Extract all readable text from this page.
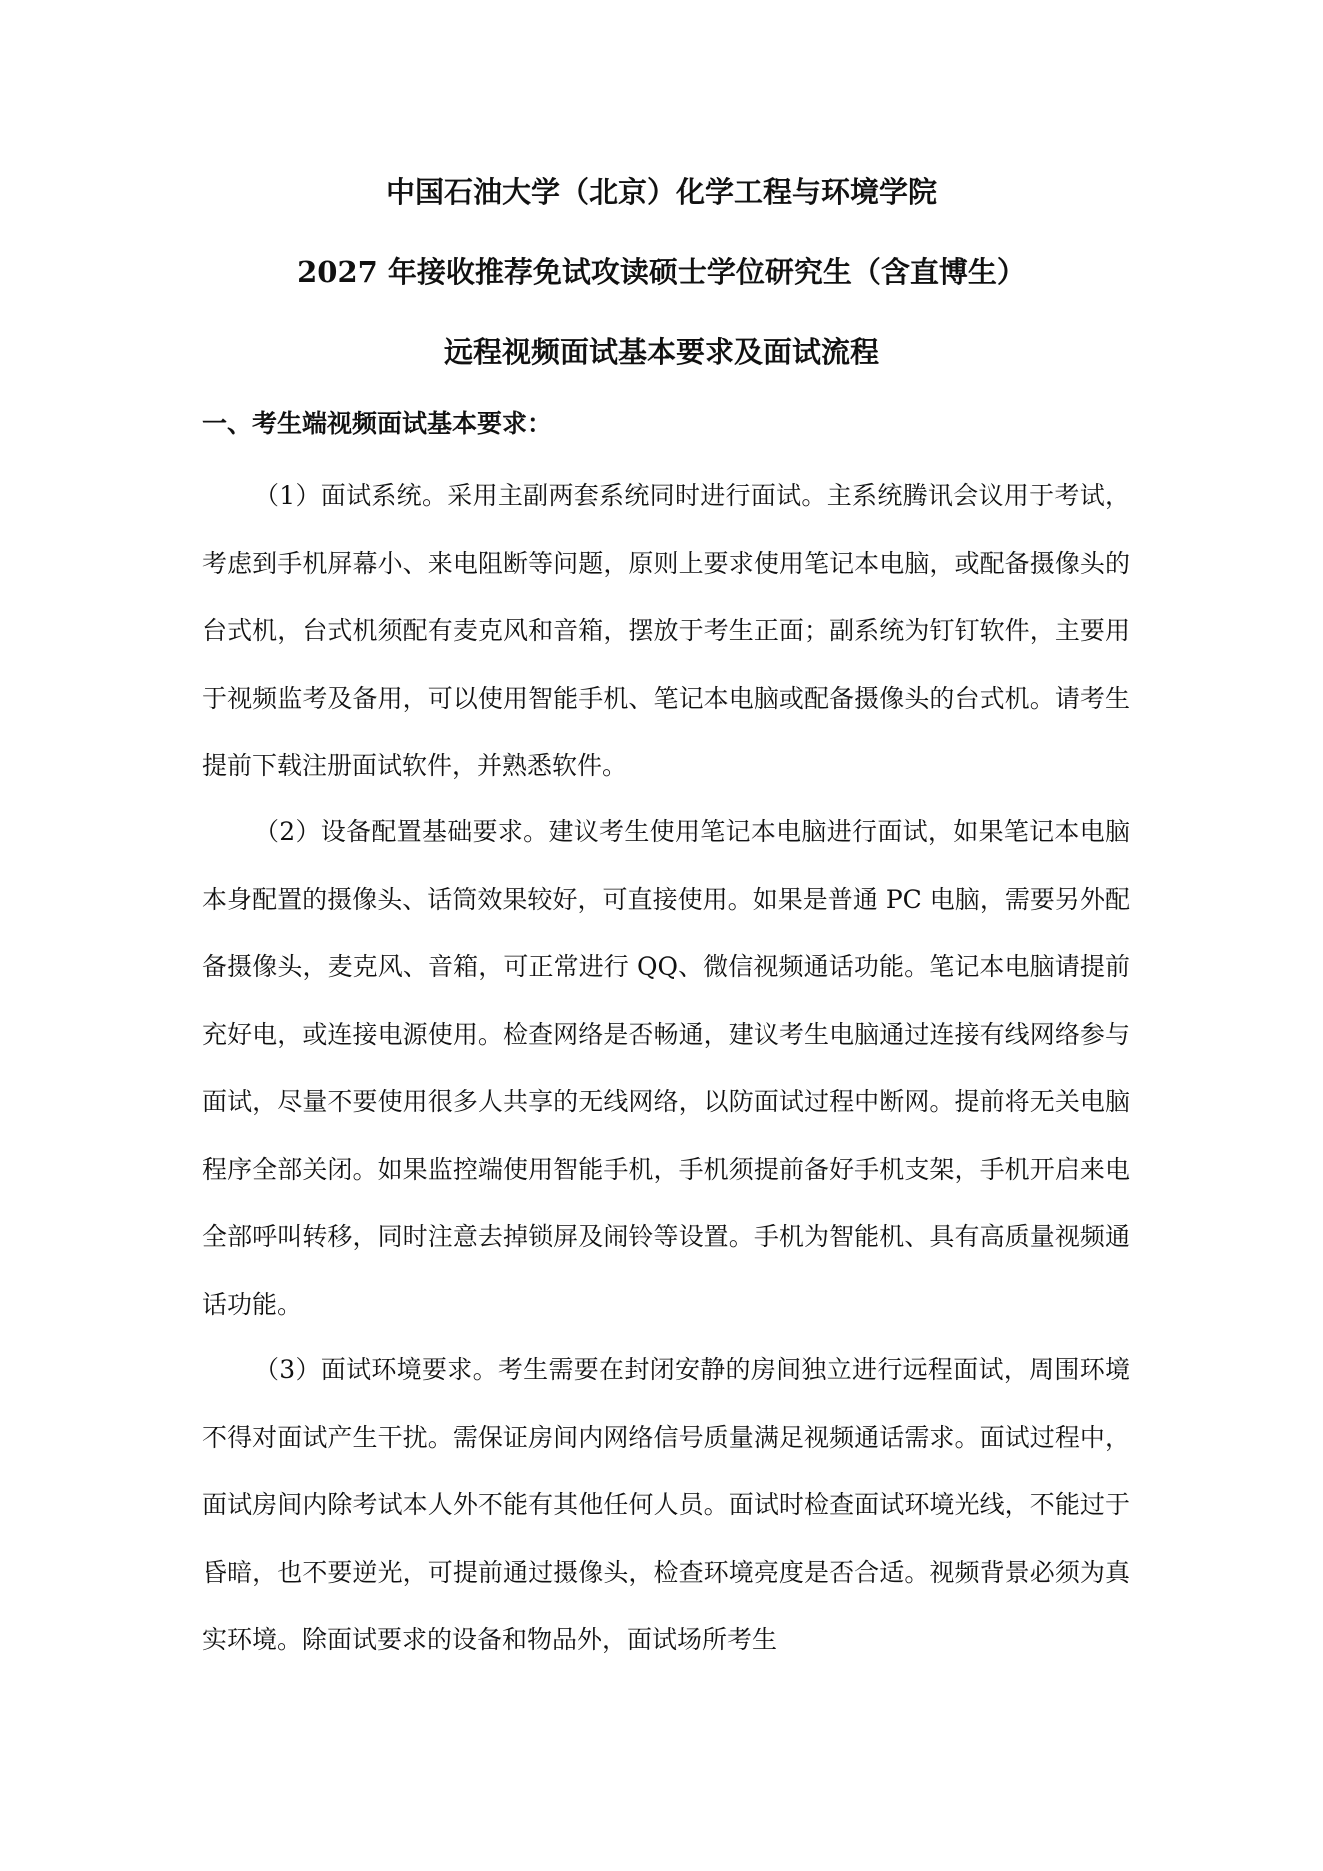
中国石油大学（北京）化学工程与环境学院
2027 年接收推荐免试攻读硕士学位研究生（含直博生）
远程视频面试基本要求及面试流程
一、考生端视频面试基本要求：
（1）面试系统。采用主副两套系统同时进行面试。主系统腾讯会议用于考试，考虑到手机屏幕小、来电阻断等问题，原则上要求使用笔记本电脑，或配备摄像头的台式机，台式机须配有麦克风和音箱，摆放于考生正面；副系统为钉钉软件，主要用于视频监考及备用，可以使用智能手机、笔记本电脑或配备摄像头的台式机。请考生提前下载注册面试软件，并熟悉软件。
（2）设备配置基础要求。建议考生使用笔记本电脑进行面试，如果笔记本电脑本身配置的摄像头、话筒效果较好，可直接使用。如果是普通 PC 电脑，需要另外配备摄像头，麦克风、音箱，可正常进行 QQ、微信视频通话功能。笔记本电脑请提前充好电，或连接电源使用。检查网络是否畅通，建议考生电脑通过连接有线网络参与面试，尽量不要使用很多人共享的无线网络，以防面试过程中断网。提前将无关电脑程序全部关闭。如果监控端使用智能手机，手机须提前备好手机支架，手机开启来电全部呼叫转移，同时注意去掉锁屏及闹铃等设置。手机为智能机、具有高质量视频通话功能。
（3）面试环境要求。考生需要在封闭安静的房间独立进行远程面试，周围环境不得对面试产生干扰。需保证房间内网络信号质量满足视频通话需求。面试过程中，面试房间内除考试本人外不能有其他任何人员。面试时检查面试环境光线，不能过于昏暗，也不要逆光，可提前通过摄像头，检查环境亮度是否合适。视频背景必须为真实环境。除面试要求的设备和物品外，面试场所考生
